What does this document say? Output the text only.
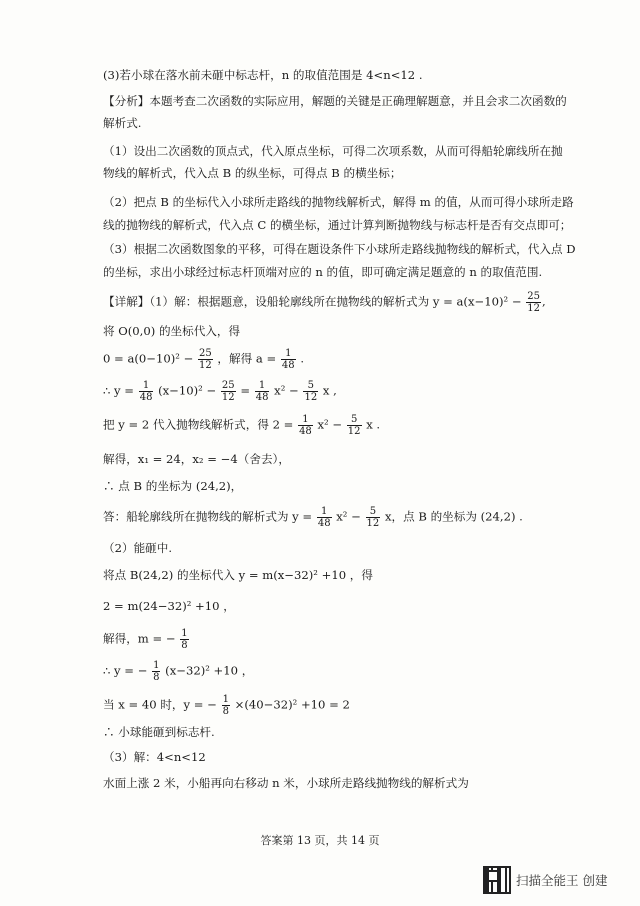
(3)若小球在落水前未砸中标志杆，n 的取值范围是 4<n<12 .
【分析】本题考查二次函数的实际应用，解题的关键是正确理解题意，并且会求二次函数的
解析式.
（1）设出二次函数的顶点式，代入原点坐标，可得二次项系数，从而可得船轮廓线所在抛
物线的解析式，代入点 B 的纵坐标，可得点 B 的横坐标；
（2）把点 B 的坐标代入小球所走路线的抛物线解析式，解得 m 的值，从而可得小球所走路
线的抛物线的解析式，代入点 C 的横坐标，通过计算判断抛物线与标志杆是否有交点即可；
（3）根据二次函数图象的平移，可得在题设条件下小球所走路线抛物线的解析式，代入点 D
的坐标，求出小球经过标志杆顶端对应的 n 的值，即可确定满足题意的 n 的取值范围.
【详解】（1）解：根据题意，设船轮廓线所在抛物线的解析式为 $y = a(x-10)^2 - \frac{25}{12}$ ,
将 O(0,0) 的坐标代入，得
$0 = a(0-10)^2 - \frac{25}{12}$ ，解得 $a = \frac{1}{48}$ .
∴ $y = \frac{1}{48} (x-10)^2 - \frac{25}{12} = \frac{1}{48} x^2 - \frac{5}{12}$ x ,
把 y = 2 代入抛物线解析式，得 $2 = \frac{1}{48} x^2 - \frac{5}{12}$ x .
解得，x₁ = 24，x₂ = −4（舍去），
∴ 点 B 的坐标为 (24,2)，
答：船轮廓线所在抛物线的解析式为 $y = \frac{1}{48} x^2 - \frac{5}{12}$ x，点 B 的坐标为 (24,2) .
（2）能砸中.
将点 B(24,2) 的坐标代入 y = m(x−32)² +10 ，得
2 = m(24−32)² +10 ，
解得，m = − $\frac{1}{8}$
∴ y = − $\frac{1}{8} (x-32)^2 +10$ ，
当 x = 40 时，y = − $\frac{1}{8} \times(40-32)^2 +10 = 2$
∴ 小球能砸到标志杆.
（3）解：4<n<12
水面上涨 2 米，小船再向右移动 n 米，小球所走路线抛物线的解析式为
答案第 13 页，共 14 页
扫描全能王 创建
